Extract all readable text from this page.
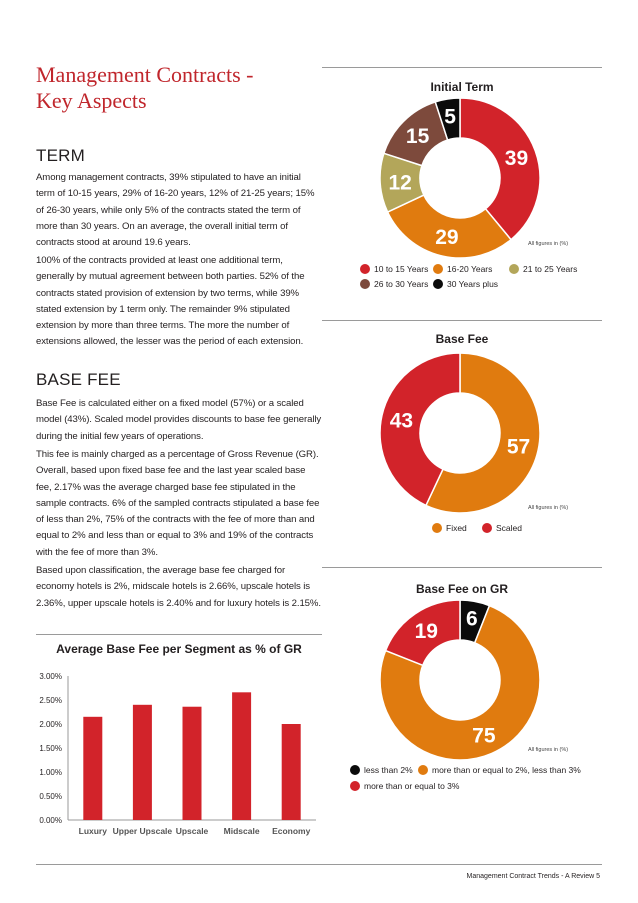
Management Contracts -
Key Aspects
TERM
Among management contracts, 39% stipulated to have an initial term of 10-15 years, 29% of 16-20 years, 12% of 21-25 years; 15% of 26-30 years, while only 5% of the contracts stated the term of more than 30 years. On an average, the overall initial term of contracts stood at around 19.6 years.
100% of the contracts provided at least one additional term, generally by mutual agreement between both parties. 52% of the contracts stated provision of extension by two terms, while 39% stated extension by 1 term only. The remainder 9% stipulated extension by more than three terms. The more the number of extensions allowed, the lesser was the period of each extension.
BASE FEE
Base Fee is calculated either on a fixed model (57%) or a scaled model (43%). Scaled model provides discounts to base fee generally during the initial few years of operations.
This fee is mainly charged as a percentage of Gross Revenue (GR). Overall, based upon fixed base fee and the last year scaled base fee, 2.17% was the average charged base fee stipulated in the sample contracts. 6% of the sampled contracts stipulated a base fee of less than 2%, 75% of the contracts with the fee of more than and equal to 2% and less than or equal to 3% and 19% of the contracts with the fee of more than 3%.
Based upon classification, the average base fee charged for economy hotels is 2%, midscale hotels is 2.66%, upscale hotels is 2.36%, upper upscale hotels is 2.40% and for luxury hotels is 2.15%.
Initial Term
39
29
12
15
5
All figures in (%)
10 to 15 Years	16-20 Years	21 to 25 Years
26 to 30 Years	30 Years plus
Base Fee
57
43
All figures in (%)
Fixed	Scaled
Base Fee on GR
6
75
19
All figures in (%)
less than 2%	more than or equal to 2%, less than 3%
more than or equal to 3%
Average Base Fee per Segment as % of GR
0.00%
0.50%
1.00%
1.50%
2.00%
2.50%
3.00%
Luxury Upper Upscale Upscale Midscale Economy
Management Contract Trends - A Review 5
